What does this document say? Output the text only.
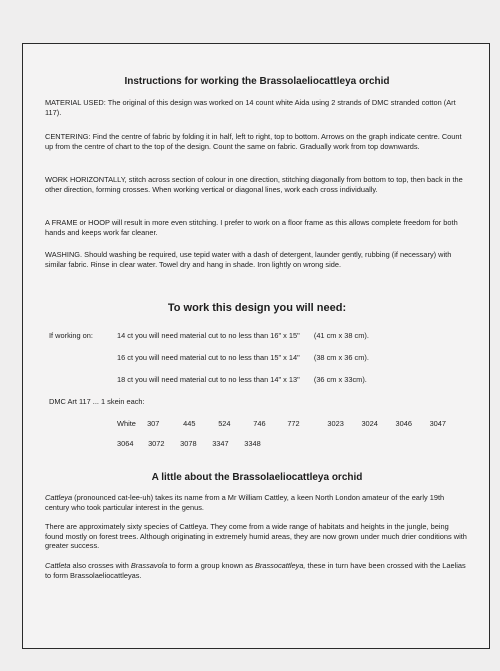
Instructions for working the Brassolaeliocattleya orchid

MATERIAL USED: The original of this design was worked on 14 count white Aida using 2 strands of DMC stranded cotton (Art 117).

CENTERING: Find the centre of fabric by folding it in half, left to right, top to bottom. Arrows on the graph indicate centre. Count up from the centre of chart to the top of the design. Count the same on fabric. Gradually work from top downwards.

WORK HORIZONTALLY, stitch across section of colour in one direction, stitching diagonally from bottom to top, then back in the other direction, forming crosses. When working vertical or diagonal lines, work each cross individually.

A FRAME or HOOP will result in more even stitching. I prefer to work on a floor frame as this allows complete freedom for both hands and keeps work far cleaner.

WASHING. Should washing be required, use tepid water with a dash of detergent, launder gently, rubbing (if necessary) with similar fabric. Rinse in clear water. Towel dry and hang in shade. Iron lightly on wrong side.

To work this design you will need:

If working on:	14 ct you will need material cut to no less than 16" x 15" (41 cm x 38 cm).
16 ct you will need material cut to no less than 15" x 14" (38 cm x 36 cm).
18 ct you will need material cut to no less than 14" x 13" (36 cm x 33cm).
DMC Art 117 ... 1 skein each:
White 307	445	524	746	772	3023 3024 3046 3047
3064 3072 3078 3347 3348

A little about the Brassolaeliocattleya orchid

Cattleya (pronounced cat-lee-uh) takes its name from a Mr William Cattley, a keen North London amateur of the early 19th century who took particular interest in the genus.

There are approximately sixty species of Cattleya. They come from a wide range of habitats and heights in the jungle, being found mostly on forest trees. Although originating in extremely humid areas, they are now grown under much drier conditions with greater success.

Cattleta also crosses with Brassavola to form a group known as Brassocattleya, these in turn have been crossed with the Laelias to form Brassolaeliocattleyas.
